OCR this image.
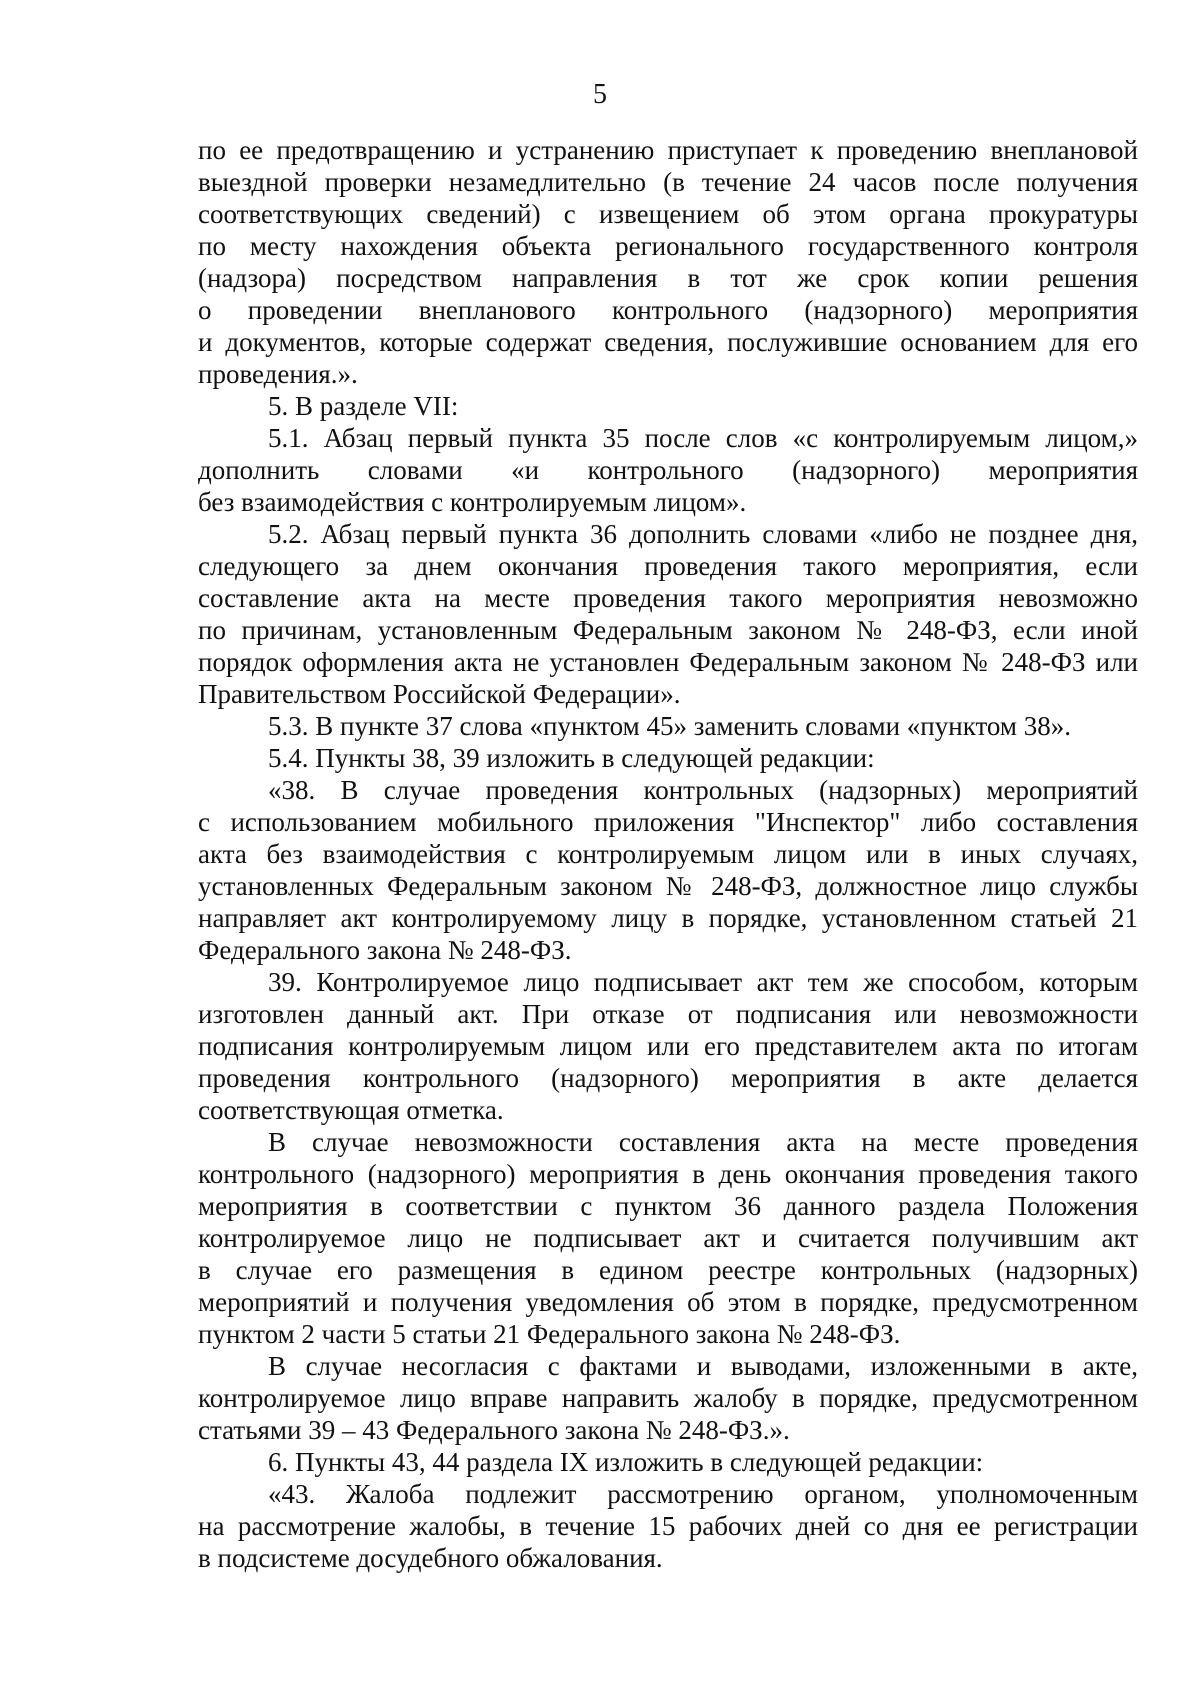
5
по ее предотвращению и устранению приступает к проведению внеплановой
выездной проверки незамедлительно (в течение 24 часов после получения
соответствующих сведений) с извещением об этом органа прокуратуры
по месту нахождения объекта регионального государственного контроля
(надзора) посредством направления в тот же срок копии решения
о проведении внепланового контрольного (надзорного) мероприятия
и документов, которые содержат сведения, послужившие основанием для его
проведения.».
5. В разделе VII:
5.1. Абзац первый пункта 35 после слов «с контролируемым лицом,»
дополнить словами «и контрольного (надзорного) мероприятия
без взаимодействия с контролируемым лицом».
5.2. Абзац первый пункта 36 дополнить словами «либо не позднее дня,
следующего за днем окончания проведения такого мероприятия, если
составление акта на месте проведения такого мероприятия невозможно
по причинам, установленным Федеральным законом № 248-ФЗ, если иной
порядок оформления акта не установлен Федеральным законом № 248-ФЗ или
Правительством Российской Федерации».
5.3. В пункте 37 слова «пунктом 45» заменить словами «пунктом 38».
5.4. Пункты 38, 39 изложить в следующей редакции:
«38. В случае проведения контрольных (надзорных) мероприятий
с использованием мобильного приложения "Инспектор" либо составления
акта без взаимодействия с контролируемым лицом или в иных случаях,
установленных Федеральным законом № 248-ФЗ, должностное лицо службы
направляет акт контролируемому лицу в порядке, установленном статьей 21
Федерального закона № 248-ФЗ.
39. Контролируемое лицо подписывает акт тем же способом, которым
изготовлен данный акт. При отказе от подписания или невозможности
подписания контролируемым лицом или его представителем акта по итогам
проведения контрольного (надзорного) мероприятия в акте делается
соответствующая отметка.
В случае невозможности составления акта на месте проведения
контрольного (надзорного) мероприятия в день окончания проведения такого
мероприятия в соответствии с пунктом 36 данного раздела Положения
контролируемое лицо не подписывает акт и считается получившим акт
в случае его размещения в едином реестре контрольных (надзорных)
мероприятий и получения уведомления об этом в порядке, предусмотренном
пунктом 2 части 5 статьи 21 Федерального закона № 248-ФЗ.
В случае несогласия с фактами и выводами, изложенными в акте,
контролируемое лицо вправе направить жалобу в порядке, предусмотренном
статьями 39 – 43 Федерального закона № 248-ФЗ.».
6. Пункты 43, 44 раздела IX изложить в следующей редакции:
«43. Жалоба подлежит рассмотрению органом, уполномоченным
на рассмотрение жалобы, в течение 15 рабочих дней со дня ее регистрации
в подсистеме досудебного обжалования.
